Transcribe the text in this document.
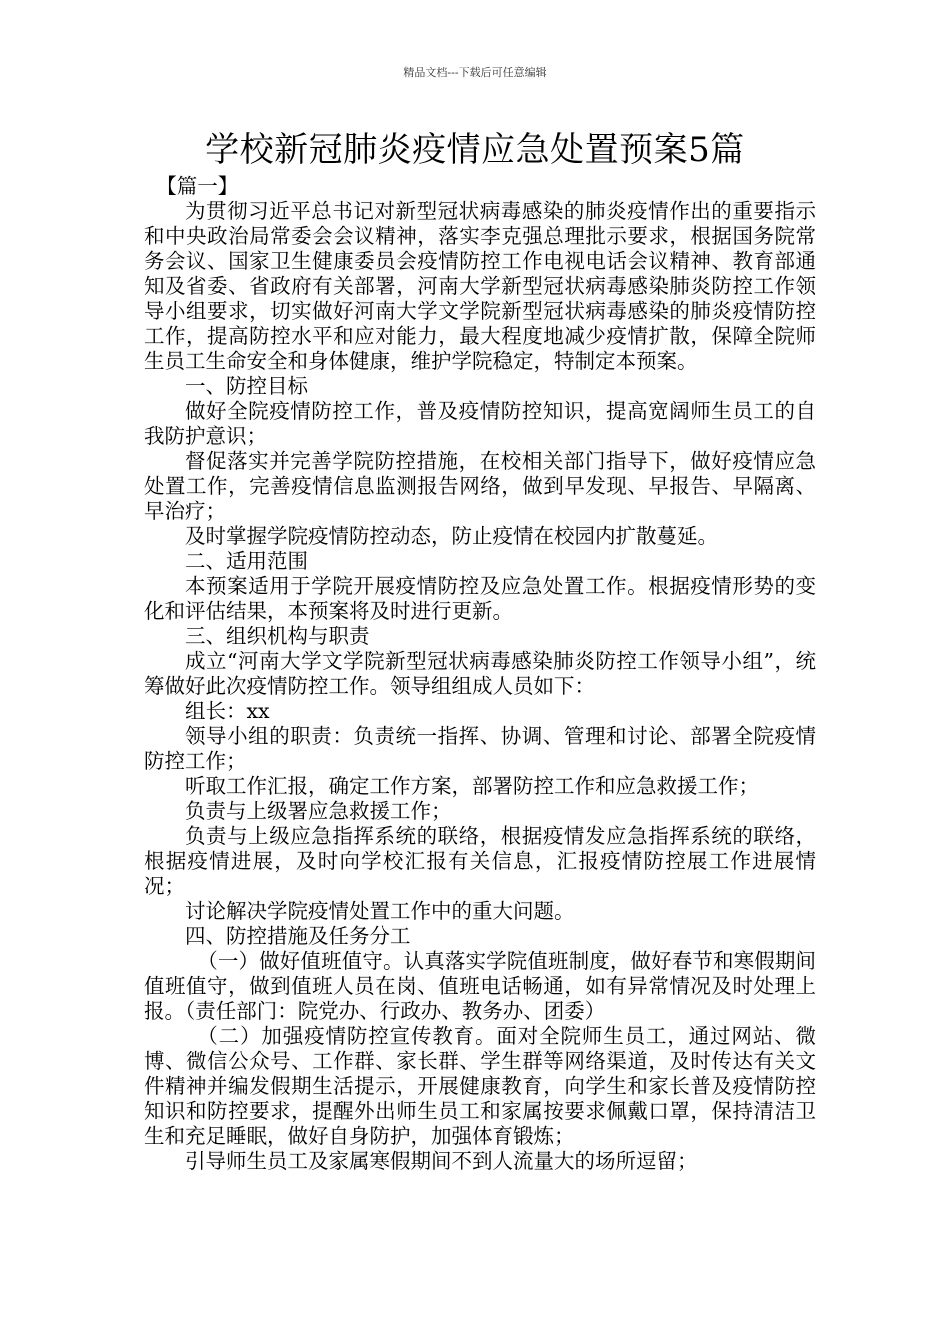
精品文档---下载后可任意编辑
学校新冠肺炎疫情应急处置预案5篇

【篇一】

为贯彻习近平总书记对新型冠状病毒感染的肺炎疫情作出的重要指示和中央政治局常委会会议精神，落实李克强总理批示要求，根据国务院常务会议、国家卫生健康委员会疫情防控工作电视电话会议精神、教育部通知及省委、省政府有关部署，河南大学新型冠状病毒感染肺炎防控工作领导小组要求，切实做好河南大学文学院新型冠状病毒感染的肺炎疫情防控工作，提高防控水平和应对能力，最大程度地减少疫情扩散，保障全院师生员工生命安全和身体健康，维护学院稳定，特制定本预案。

一、防控目标

做好全院疫情防控工作，普及疫情防控知识，提高宽阔师生员工的自我防护意识；

督促落实并完善学院防控措施，在校相关部门指导下，做好疫情应急处置工作，完善疫情信息监测报告网络，做到早发现、早报告、早隔离、早治疗；

及时掌握学院疫情防控动态，防止疫情在校园内扩散蔓延。

二、适用范围

本预案适用于学院开展疫情防控及应急处置工作。根据疫情形势的变化和评估结果，本预案将及时进行更新。

三、组织机构与职责

成立“河南大学文学院新型冠状病毒感染肺炎防控工作领导小组”，统筹做好此次疫情防控工作。领导组组成人员如下：

组长：xx

领导小组的职责：负责统一指挥、协调、管理和讨论、部署全院疫情防控工作；

听取工作汇报，确定工作方案，部署防控工作和应急救援工作；

负责与上级署应急救援工作；

负责与上级应急指挥系统的联络，根据疫情发应急指挥系统的联络，根据疫情进展，及时向学校汇报有关信息，汇报疫情防控展工作进展情况；

讨论解决学院疫情处置工作中的重大问题。

四、防控措施及任务分工

（一）做好值班值守。认真落实学院值班制度，做好春节和寒假期间值班值守，做到值班人员在岗、值班电话畅通，如有异常情况及时处理上报。（责任部门：院党办、行政办、教务办、团委）

（二）加强疫情防控宣传教育。面对全院师生员工，通过网站、微博、微信公众号、工作群、家长群、学生群等网络渠道，及时传达有关文件精神并编发假期生活提示，开展健康教育，向学生和家长普及疫情防控知识和防控要求，提醒外出师生员工和家属按要求佩戴口罩，保持清洁卫生和充足睡眠，做好自身防护，加强体育锻炼；

引导师生员工及家属寒假期间不到人流量大的场所逗留；
